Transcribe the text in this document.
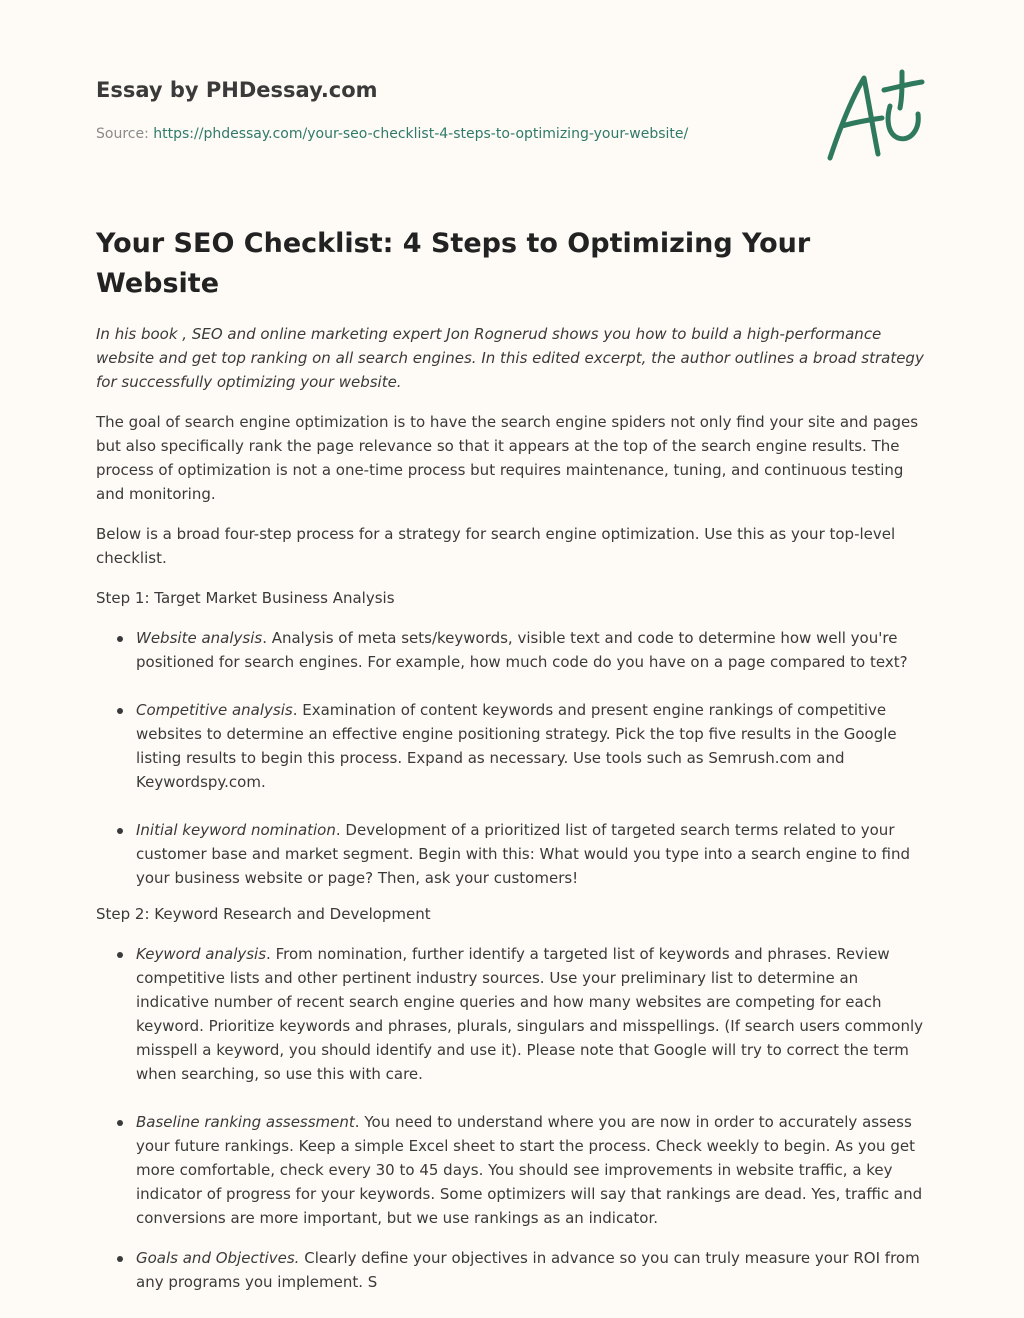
Essay by PHDessay.com

Source: https://phdessay.com/your-seo-checklist-4-steps-to-optimizing-your-website/
Your SEO Checklist: 4 Steps to Optimizing Your Website

In his book , SEO and online marketing expert Jon Rognerud shows you how to build a high-performance website and get top ranking on all search engines. In this edited excerpt, the author outlines a broad strategy for successfully optimizing your website.

The goal of search engine optimization is to have the search engine spiders not only find your site and pages but also specifically rank the page relevance so that it appears at the top of the search engine results. The process of optimization is not a one-time process but requires maintenance, tuning, and continuous testing and monitoring.

Below is a broad four-step process for a strategy for search engine optimization. Use this as your top-level checklist.

Step 1: Target Market Business Analysis

Website analysis. Analysis of meta sets/keywords, visible text and code to determine how well you're positioned for search engines. For example, how much code do you have on a page compared to text?
Competitive analysis. Examination of content keywords and present engine rankings of competitive websites to determine an effective engine positioning strategy. Pick the top five results in the Google listing results to begin this process. Expand as necessary. Use tools such as Semrush.com and Keywordspy.com.
Initial keyword nomination. Development of a prioritized list of targeted search terms related to your customer base and market segment. Begin with this: What would you type into a search engine to find your business website or page? Then, ask your customers!

Step 2: Keyword Research and Development

Keyword analysis. From nomination, further identify a targeted list of keywords and phrases. Review competitive lists and other pertinent industry sources. Use your preliminary list to determine an indicative number of recent search engine queries and how many websites are competing for each keyword. Prioritize keywords and phrases, plurals, singulars and misspellings. (If search users commonly misspell a keyword, you should identify and use it). Please note that Google will try to correct the term when searching, so use this with care.
Baseline ranking assessment. You need to understand where you are now in order to accurately assess your future rankings. Keep a simple Excel sheet to start the process. Check weekly to begin. As you get more comfortable, check every 30 to 45 days. You should see improvements in website traffic, a key indicator of progress for your keywords. Some optimizers will say that rankings are dead. Yes, traffic and conversions are more important, but we use rankings as an indicator.
Goals and Objectives. Clearly define your objectives in advance so you can truly measure your ROI from any programs you implement. S
